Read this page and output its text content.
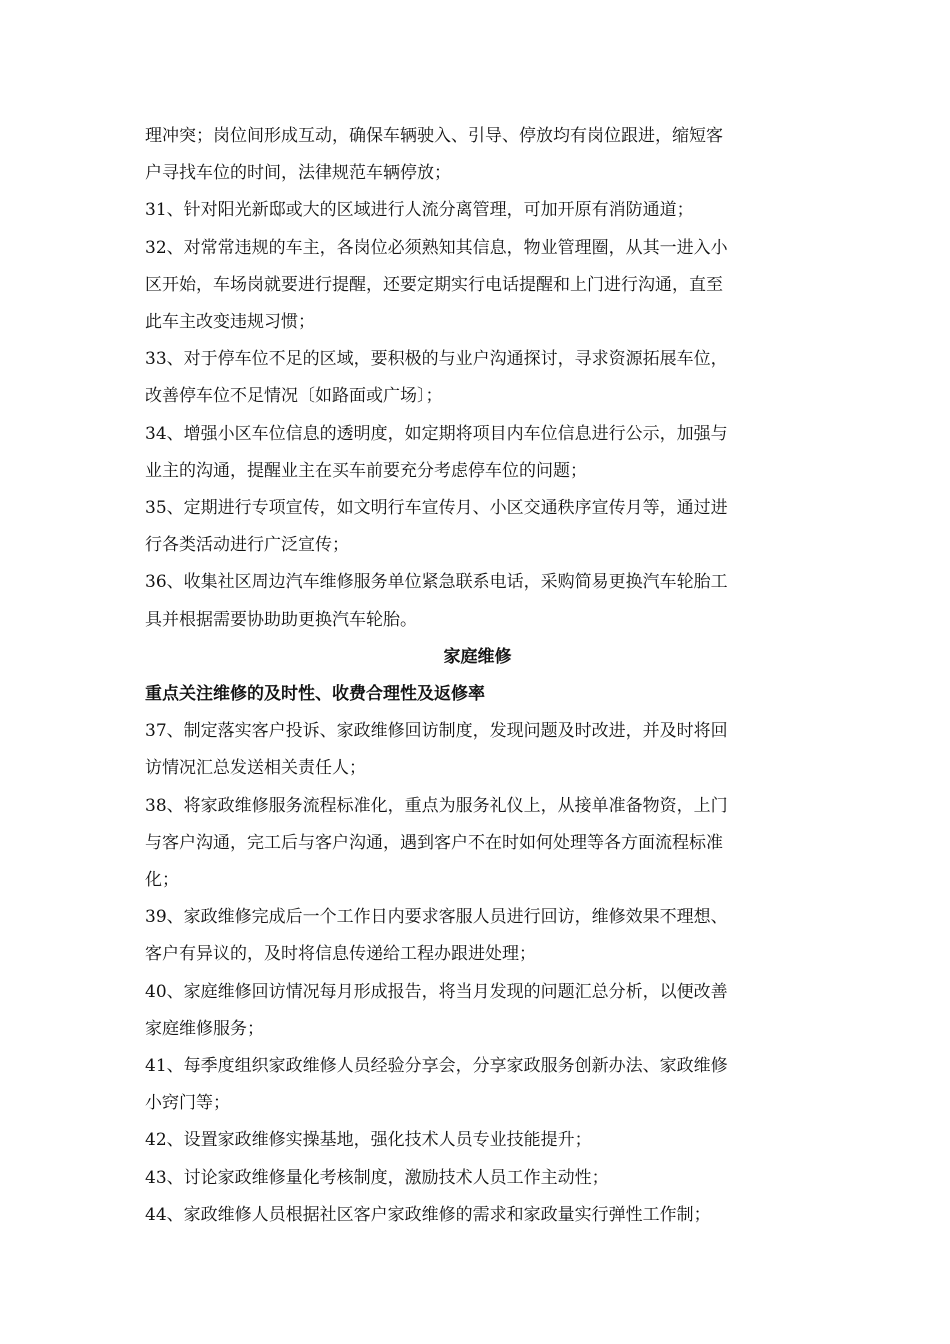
理冲突；岗位间形成互动，确保车辆驶入、引导、停放均有岗位跟进，缩短客
户寻找车位的时间，法律规范车辆停放；
31、针对阳光新邸或大的区域进行人流分离管理，可加开原有消防通道；
32、对常常违规的车主，各岗位必须熟知其信息，物业管理圈，从其一进入小
区开始，车场岗就要进行提醒，还要定期实行电话提醒和上门进行沟通，直至
此车主改变违规习惯；
33、对于停车位不足的区域，要积极的与业户沟通探讨，寻求资源拓展车位，
改善停车位不足情况〔如路面或广场〕；
34、增强小区车位信息的透明度，如定期将项目内车位信息进行公示，加强与
业主的沟通，提醒业主在买车前要充分考虑停车位的问题；
35、定期进行专项宣传，如文明行车宣传月、小区交通秩序宣传月等，通过进
行各类活动进行广泛宣传；
36、收集社区周边汽车维修服务单位紧急联系电话，采购简易更换汽车轮胎工
具并根据需要协助助更换汽车轮胎。
家庭维修
重点关注维修的及时性、收费合理性及返修率
37、制定落实客户投诉、家政维修回访制度，发现问题及时改进，并及时将回
访情况汇总发送相关责任人；
38、将家政维修服务流程标准化，重点为服务礼仪上，从接单准备物资，上门
与客户沟通，完工后与客户沟通，遇到客户不在时如何处理等各方面流程标准
化；
39、家政维修完成后一个工作日内要求客服人员进行回访，维修效果不理想、
客户有异议的，及时将信息传递给工程办跟进处理；
40、家庭维修回访情况每月形成报告，将当月发现的问题汇总分析，以便改善
家庭维修服务；
41、每季度组织家政维修人员经验分享会，分享家政服务创新办法、家政维修
小窍门等；
42、设置家政维修实操基地，强化技术人员专业技能提升；
43、讨论家政维修量化考核制度，激励技术人员工作主动性；
44、家政维修人员根据社区客户家政维修的需求和家政量实行弹性工作制；
